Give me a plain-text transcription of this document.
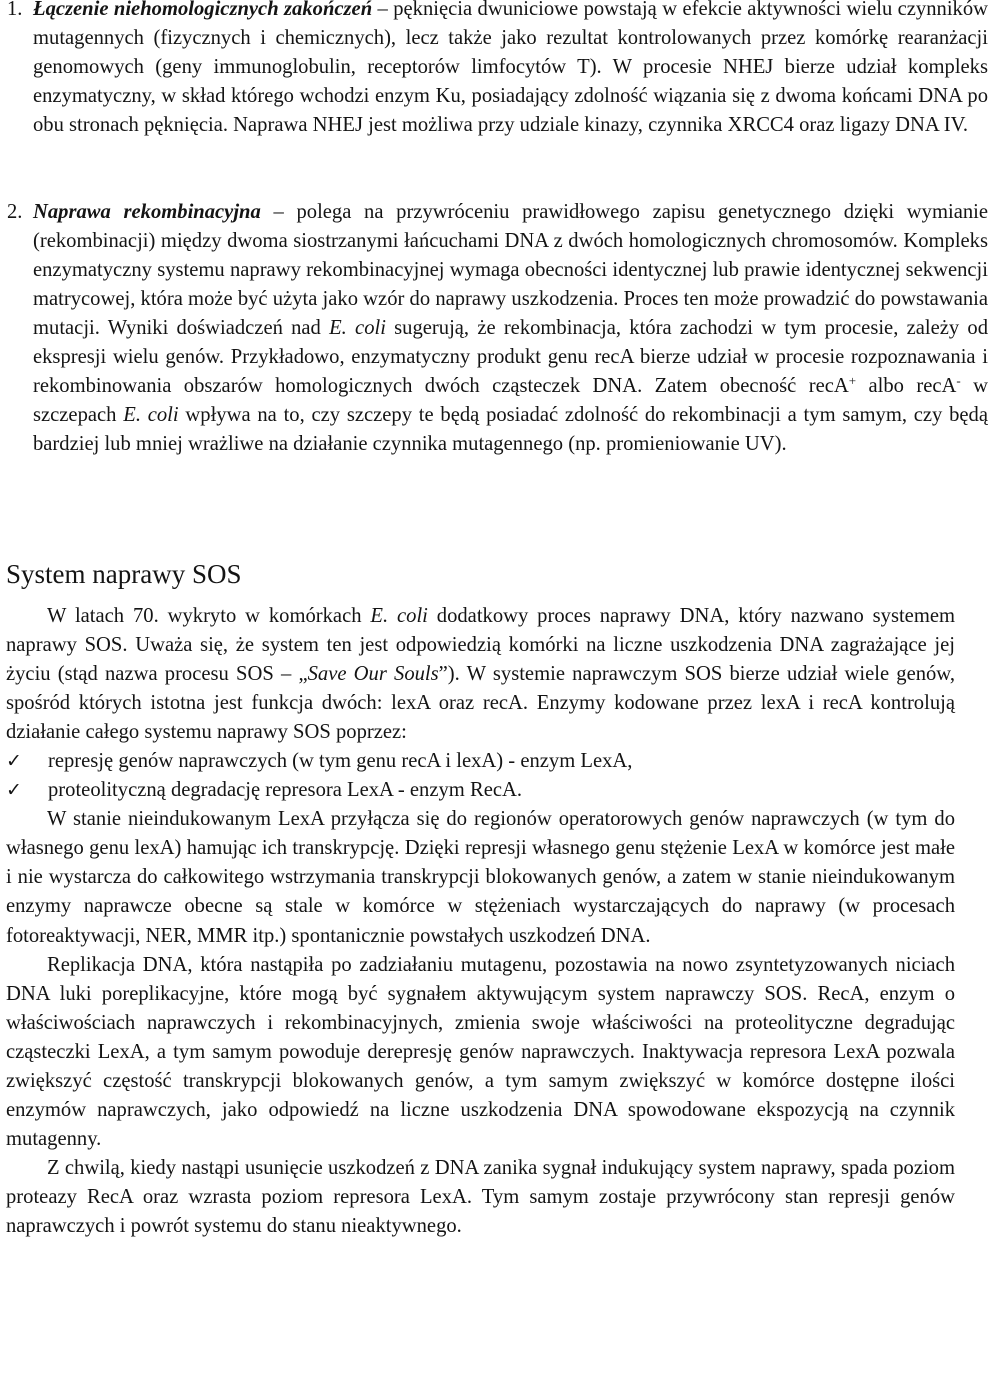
1. Łączenie niehomologicznych zakończeń – pęknięcia dwuniciowe powstają w efekcie aktywności wielu czynników mutagennych (fizycznych i chemicznych), lecz także jako rezultat kontrolowanych przez komórkę rearanżacji genomowych (geny immunoglobulin, receptorów limfocytów T). W procesie NHEJ bierze udział kompleks enzymatyczny, w skład którego wchodzi enzym Ku, posiadający zdolność wiązania się z dwoma końcami DNA po obu stronach pęknięcia. Naprawa NHEJ jest możliwa przy udziale kinazy, czynnika XRCC4 oraz ligazy DNA IV.

2. Naprawa rekombinacyjna – polega na przywróceniu prawidłowego zapisu genetycznego dzięki wymianie (rekombinacji) między dwoma siostrzanymi łańcuchami DNA z dwóch homologicznych chromosomów. Kompleks enzymatyczny systemu naprawy rekombinacyjnej wymaga obecności identycznej lub prawie identycznej sekwencji matrycowej, która może być użyta jako wzór do naprawy uszkodzenia. Proces ten może prowadzić do powstawania mutacji. Wyniki doświadczeń nad E. coli sugerują, że rekombinacja, która zachodzi w tym procesie, zależy od ekspresji wielu genów. Przykładowo, enzymatyczny produkt genu recA bierze udział w procesie rozpoznawania i rekombinowania obszarów homologicznych dwóch cząsteczek DNA. Zatem obecność recA+ albo recA- w szczepach E. coli wpływa na to, czy szczepy te będą posiadać zdolność do rekombinacji a tym samym, czy będą bardziej lub mniej wrażliwe na działanie czynnika mutagennego (np. promieniowanie UV).

System naprawy SOS

W latach 70. wykryto w komórkach E. coli dodatkowy proces naprawy DNA, który nazwano systemem naprawy SOS. Uważa się, że system ten jest odpowiedzią komórki na liczne uszkodzenia DNA zagrażające jej życiu (stąd nazwa procesu SOS – „Save Our Souls”). W systemie naprawczym SOS bierze udział wiele genów, spośród których istotna jest funkcja dwóch: lexA oraz recA. Enzymy kodowane przez lexA i recA kontrolują działanie całego systemu naprawy SOS poprzez:

✓ represję genów naprawczych (w tym genu recA i lexA) - enzym LexA,
✓ proteolityczną degradację represora LexA - enzym RecA.

W stanie nieindukowanym LexA przyłącza się do regionów operatorowych genów naprawczych (w tym do własnego genu lexA) hamując ich transkrypcję. Dzięki represji własnego genu stężenie LexA w komórce jest małe i nie wystarcza do całkowitego wstrzymania transkrypcji blokowanych genów, a zatem w stanie nieindukowanym enzymy naprawcze obecne są stale w komórce w stężeniach wystarczających do naprawy (w procesach fotoreaktywacji, NER, MMR itp.) spontanicznie powstałych uszkodzeń DNA.

Replikacja DNA, która nastąpiła po zadziałaniu mutagenu, pozostawia na nowo zsyntetyzowanych niciach DNA luki poreplikacyjne, które mogą być sygnałem aktywującym system naprawczy SOS. RecA, enzym o właściwościach naprawczych i rekombinacyjnych, zmienia swoje właściwości na proteolityczne degradując cząsteczki LexA, a tym samym powoduje derepresję genów naprawczych. Inaktywacja represora LexA pozwala zwiększyć częstość transkrypcji blokowanych genów, a tym samym zwiększyć w komórce dostępne ilości enzymów naprawczych, jako odpowiedź na liczne uszkodzenia DNA spowodowane ekspozycją na czynnik mutagenny.

Z chwilą, kiedy nastąpi usunięcie uszkodzeń z DNA zanika sygnał indukujący system naprawy, spada poziom proteazy RecA oraz wzrasta poziom represora LexA. Tym samym zostaje przywrócony stan represji genów naprawczych i powrót systemu do stanu nieaktywnego.
